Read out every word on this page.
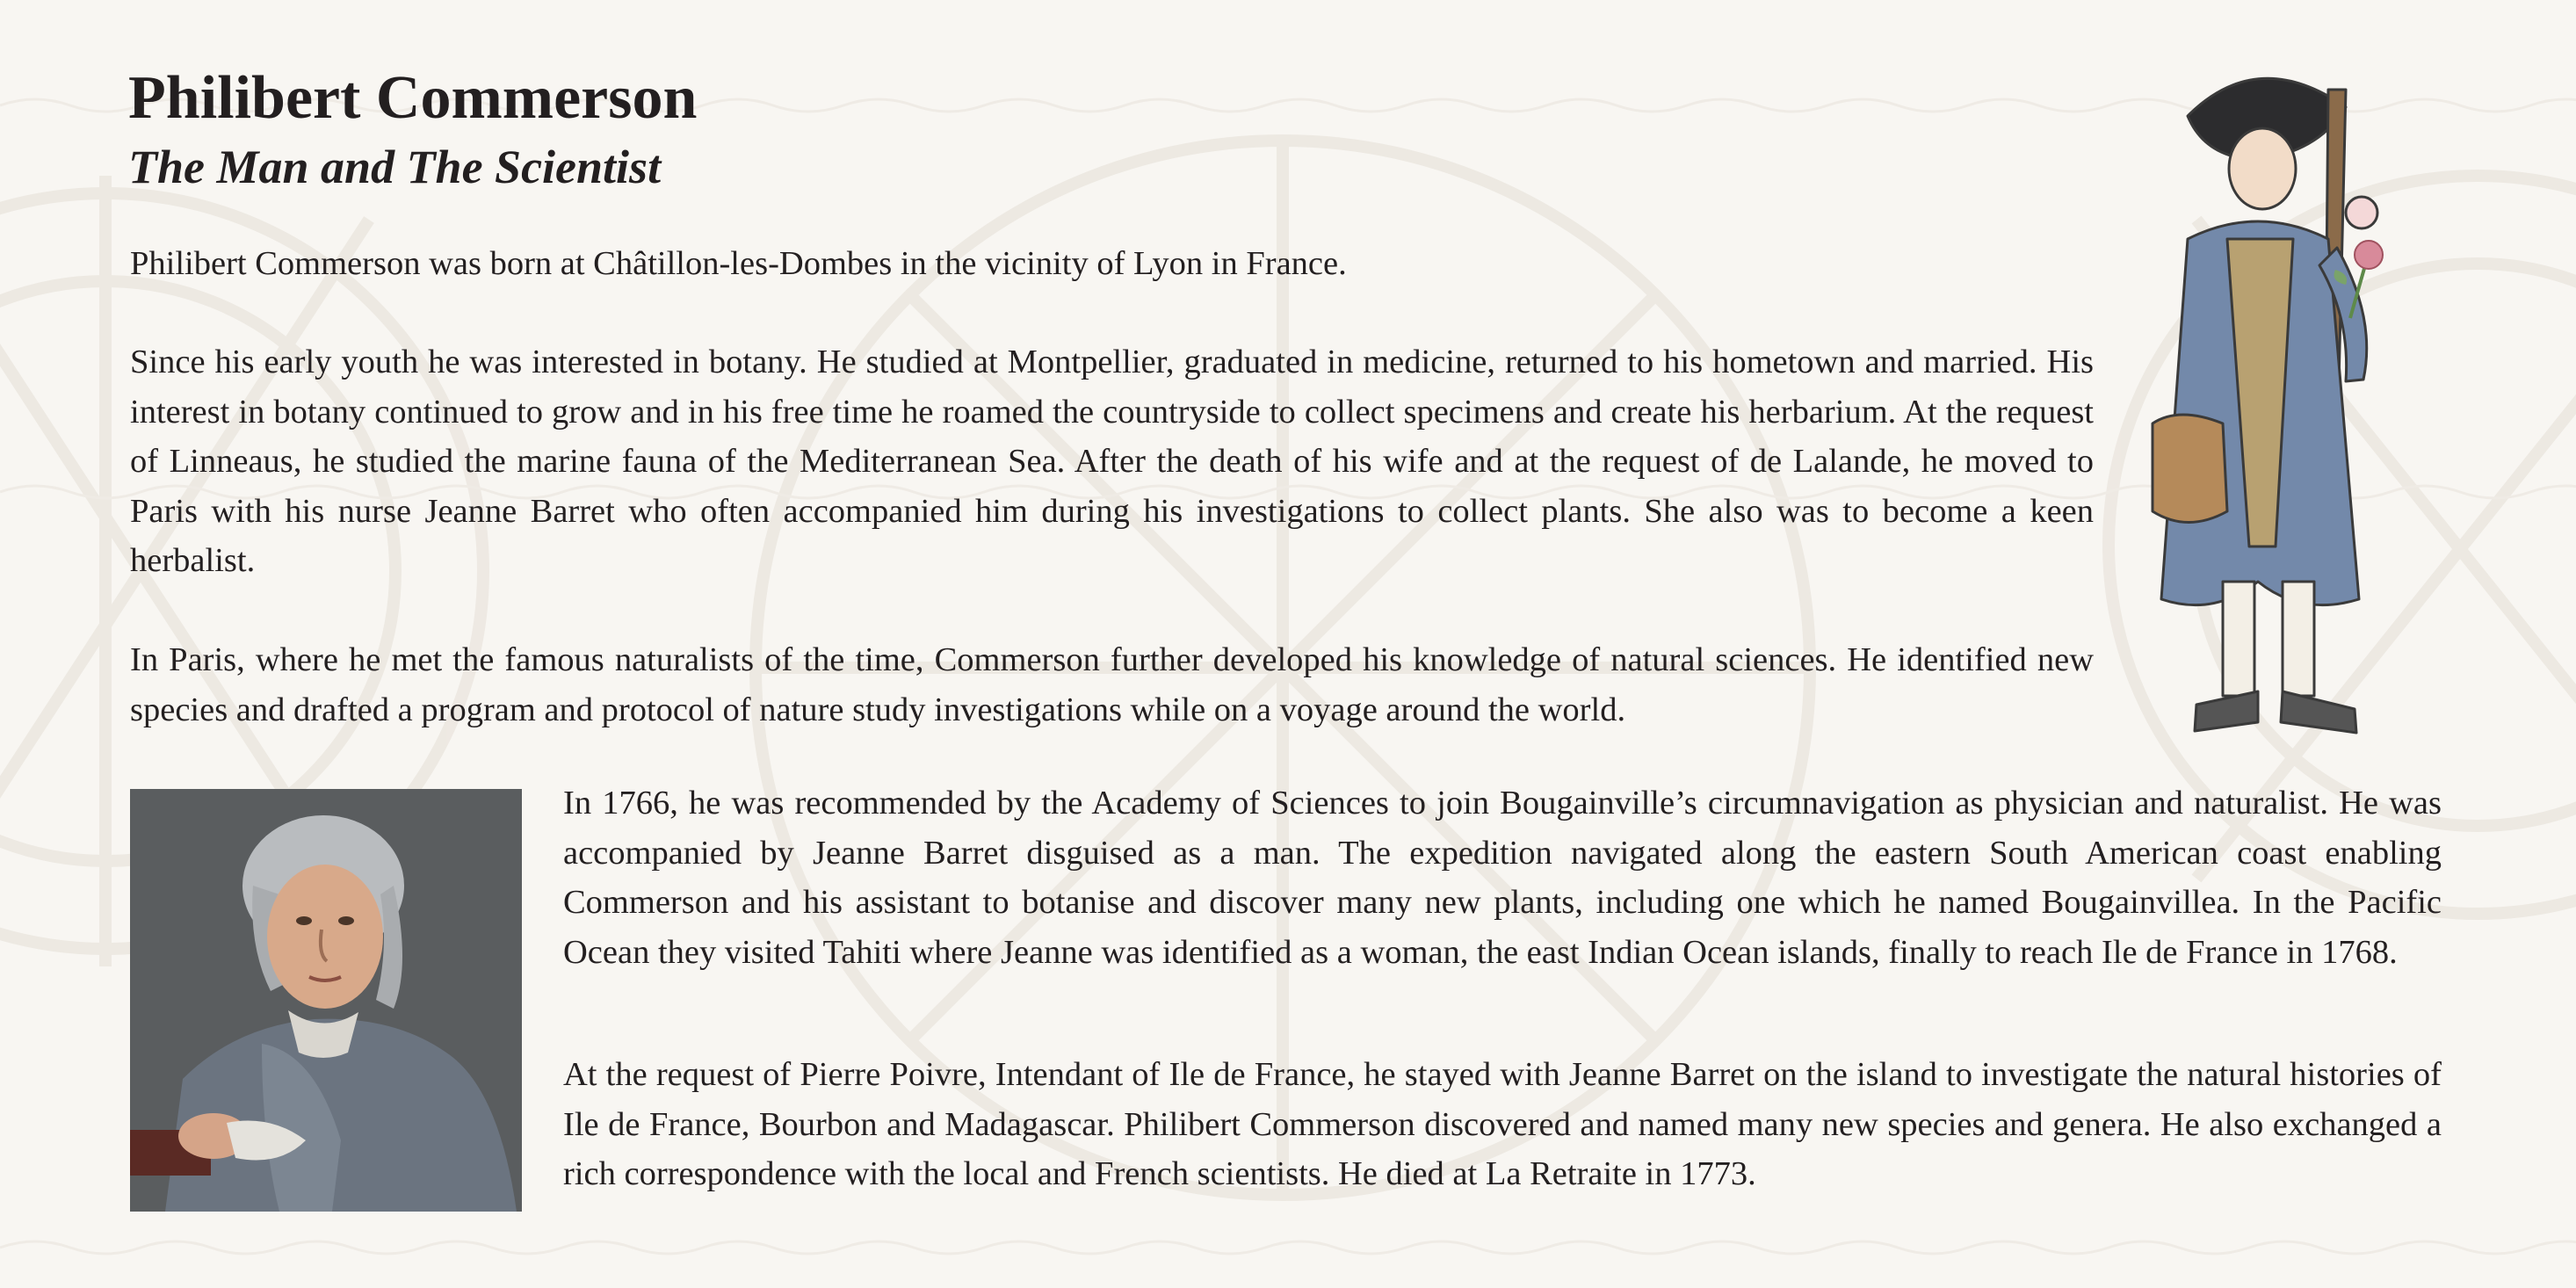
Philibert Commerson
The Man and The Scientist

Philibert Commerson was born at Châtillon-les-Dombes in the vicinity of Lyon in France.

Since his early youth he was interested in botany. He studied at Montpellier, graduated in medicine, returned to his hometown and married. His interest in botany continued to grow and in his free time he roamed the countryside to collect specimens and create his herbarium. At the request of Linneaus, he studied the marine fauna of the Mediterranean Sea. After the death of his wife and at the request of de Lalande, he moved to Paris with his nurse Jeanne Barret who often accompanied him during his investigations to collect plants. She also was to become a keen herbalist.

In Paris, where he met the famous naturalists of the time, Commerson further developed his knowledge of natural sciences. He identified new species and drafted a program and protocol of nature study investigations while on a voyage around the world.

In 1766, he was recommended by the Academy of Sciences to join Bougainville’s circumnavigation as physician and naturalist. He was accompanied by Jeanne Barret disguised as a man. The expedition navigated along the eastern South American coast enabling Commerson and his assistant to botanise and discover many new plants, including one which he named Bougainvillea. In the Pacific Ocean they visited Tahiti where Jeanne was identified as a woman, the east Indian Ocean islands, finally to reach Ile de France in 1768.

At the request of Pierre Poivre, Intendant of Ile de France, he stayed with Jeanne Barret on the island to investigate the natural histories of Ile de France, Bourbon and Madagascar. Philibert Commerson discovered and named many new species and genera. He also exchanged a rich correspondence with the local and French scientists. He died at La Retraite in 1773.
